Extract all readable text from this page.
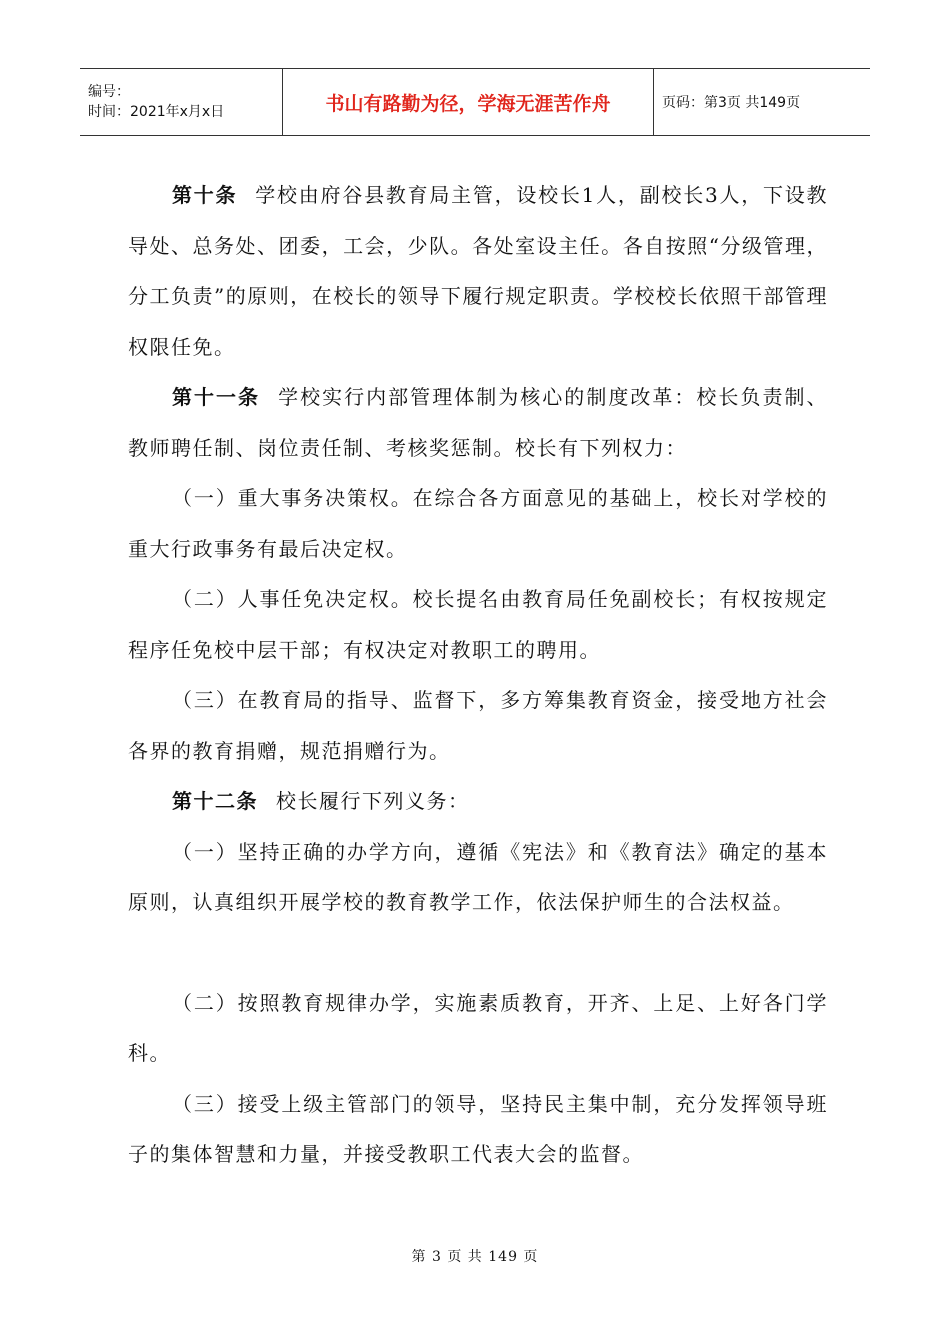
编号：
时间：2021年x月x日	书山有路勤为径，学海无涯苦作舟	页码：第3页 共149页

第十条 学校由府谷县教育局主管，设校长1人，副校长3人，下设教导处、总务处、团委，工会，少队。各处室设主任。各自按照“分级管理，分工负责”的原则，在校长的领导下履行规定职责。学校校长依照干部管理权限任免。

第十一条 学校实行内部管理体制为核心的制度改革：校长负责制、教师聘任制、岗位责任制、考核奖惩制。校长有下列权力：

（一）重大事务决策权。在综合各方面意见的基础上，校长对学校的重大行政事务有最后决定权。

（二）人事任免决定权。校长提名由教育局任免副校长；有权按规定程序任免校中层干部；有权决定对教职工的聘用。

（三）在教育局的指导、监督下，多方筹集教育资金，接受地方社会各界的教育捐赠，规范捐赠行为。

第十二条 校长履行下列义务：

（一）坚持正确的办学方向，遵循《宪法》和《教育法》确定的基本原则，认真组织开展学校的教育教学工作，依法保护师生的合法权益。

（二）按照教育规律办学，实施素质教育，开齐、上足、上好各门学科。

（三）接受上级主管部门的领导，坚持民主集中制，充分发挥领导班子的集体智慧和力量，并接受教职工代表大会的监督。

第 3 页 共 149 页
